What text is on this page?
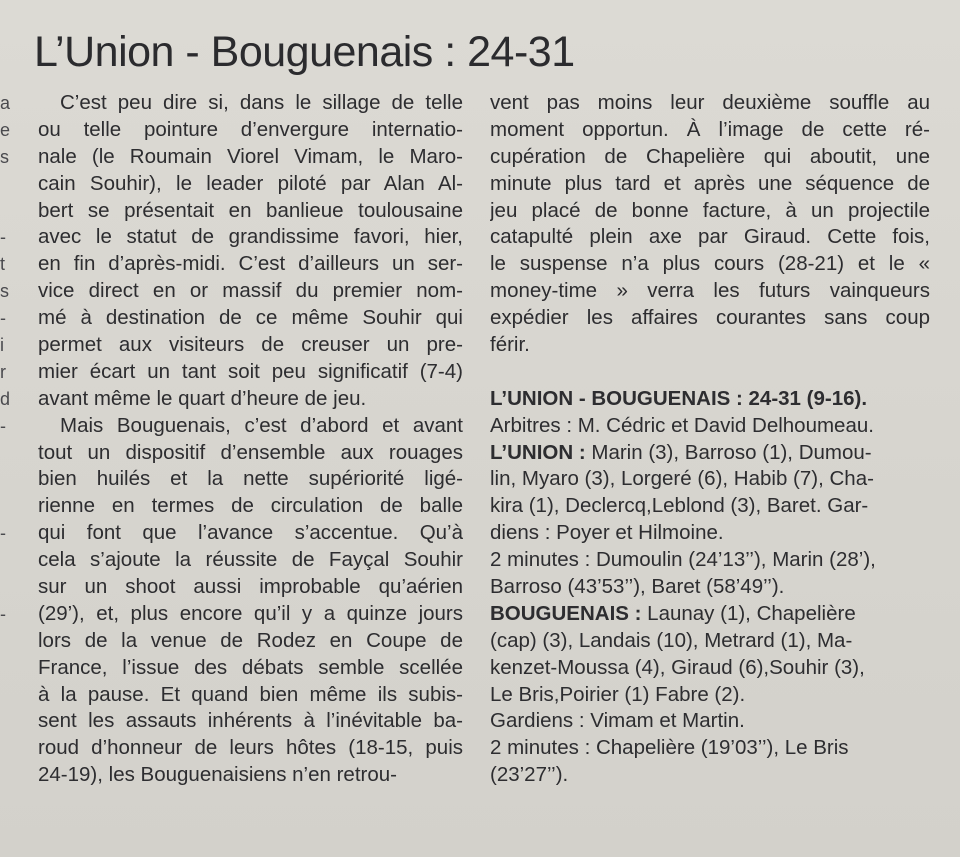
a
e
s
-
t
s
-
i
r
d
-
-
-
L’Union - Bouguenais : 24-31
C’est peu dire si, dans le sillage de telle
ou telle pointure d’envergure internatio-
nale (le Roumain Viorel Vimam, le Maro-
cain Souhir), le leader piloté par Alan Al-
bert se présentait en banlieue toulousaine
avec le statut de grandissime favori, hier,
en fin d’après-midi. C’est d’ailleurs un ser-
vice direct en or massif du premier nom-
mé à destination de ce même Souhir qui
permet aux visiteurs de creuser un pre-
mier écart un tant soit peu significatif (7-4)
avant même le quart d’heure de jeu.
Mais Bouguenais, c’est d’abord et avant
tout un dispositif d’ensemble aux rouages
bien huilés et la nette supériorité ligé-
rienne en termes de circulation de balle
qui font que l’avance s’accentue. Qu’à
cela s’ajoute la réussite de Fayçal Souhir
sur un shoot aussi improbable qu’aérien
(29’), et, plus encore qu’il y a quinze jours
lors de la venue de Rodez en Coupe de
France, l’issue des débats semble scellée
à la pause. Et quand bien même ils subis-
sent les assauts inhérents à l’inévitable ba-
roud d’honneur de leurs hôtes (18-15, puis
24-19), les Bouguenaisiens n’en retrou-
vent pas moins leur deuxième souffle au
moment opportun. À l’image de cette ré-
cupération de Chapelière qui aboutit, une
minute plus tard et après une séquence de
jeu placé de bonne facture, à un projectile
catapulté plein axe par Giraud. Cette fois,
le suspense n’a plus cours (28-21) et le «
money-time » verra les futurs vainqueurs
expédier les affaires courantes sans coup
férir.
L’UNION - BOUGUENAIS : 24-31 (9-16).
Arbitres : M. Cédric et David Delhoumeau.
L’UNION : Marin (3), Barroso (1), Dumou-
lin, Myaro (3), Lorgeré (6), Habib (7), Cha-
kira (1), Declercq,Leblond (3), Baret. Gar-
diens : Poyer et Hilmoine.
2 minutes : Dumoulin (24’13’’), Marin (28’),
Barroso (43’53’’), Baret (58’49’’).
BOUGUENAIS : Launay (1), Chapelière
(cap) (3), Landais (10), Metrard (1), Ma-
kenzet-Moussa (4), Giraud (6),Souhir (3),
Le Bris,Poirier (1) Fabre (2).
Gardiens : Vimam et Martin.
2 minutes : Chapelière (19’03’’), Le Bris
(23’27’’).
